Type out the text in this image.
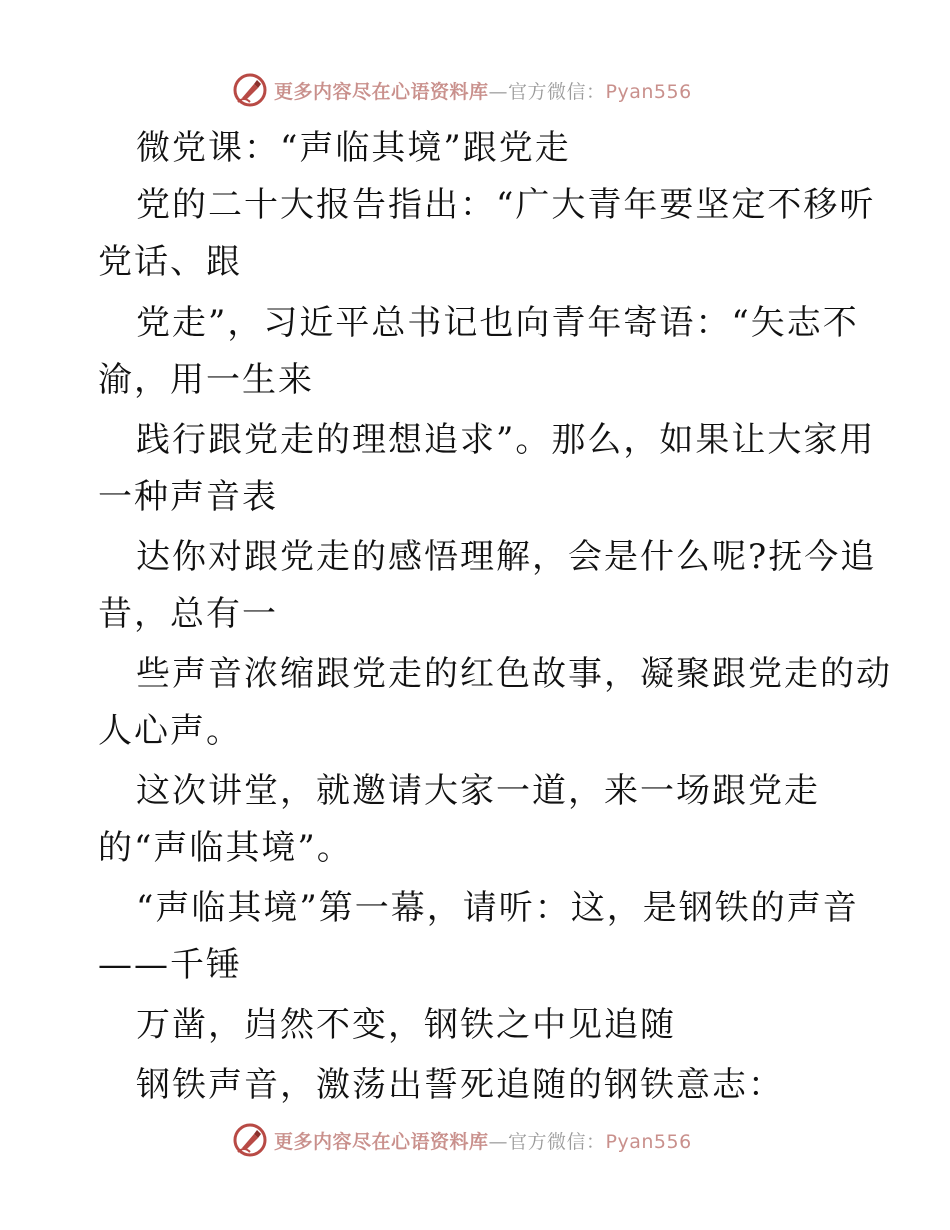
更多内容尽在心语资料库—官方微信：Pyan556
微党课：“声临其境”跟党走
党的二十大报告指出：“广大青年要坚定不移听
党话、跟
党走”，习近平总书记也向青年寄语：“矢志不
渝，用一生来
践行跟党走的理想追求”。那么，如果让大家用
一种声音表
达你对跟党走的感悟理解，会是什么呢?抚今追
昔，总有一
些声音浓缩跟党走的红色故事，凝聚跟党走的动
人心声。
这次讲堂，就邀请大家一道，来一场跟党走
的“声临其境”。
“声临其境”第一幕，请听：这，是钢铁的声音
——千锤
万凿，岿然不变，钢铁之中见追随
钢铁声音，激荡出誓死追随的钢铁意志：
更多内容尽在心语资料库—官方微信：Pyan556
